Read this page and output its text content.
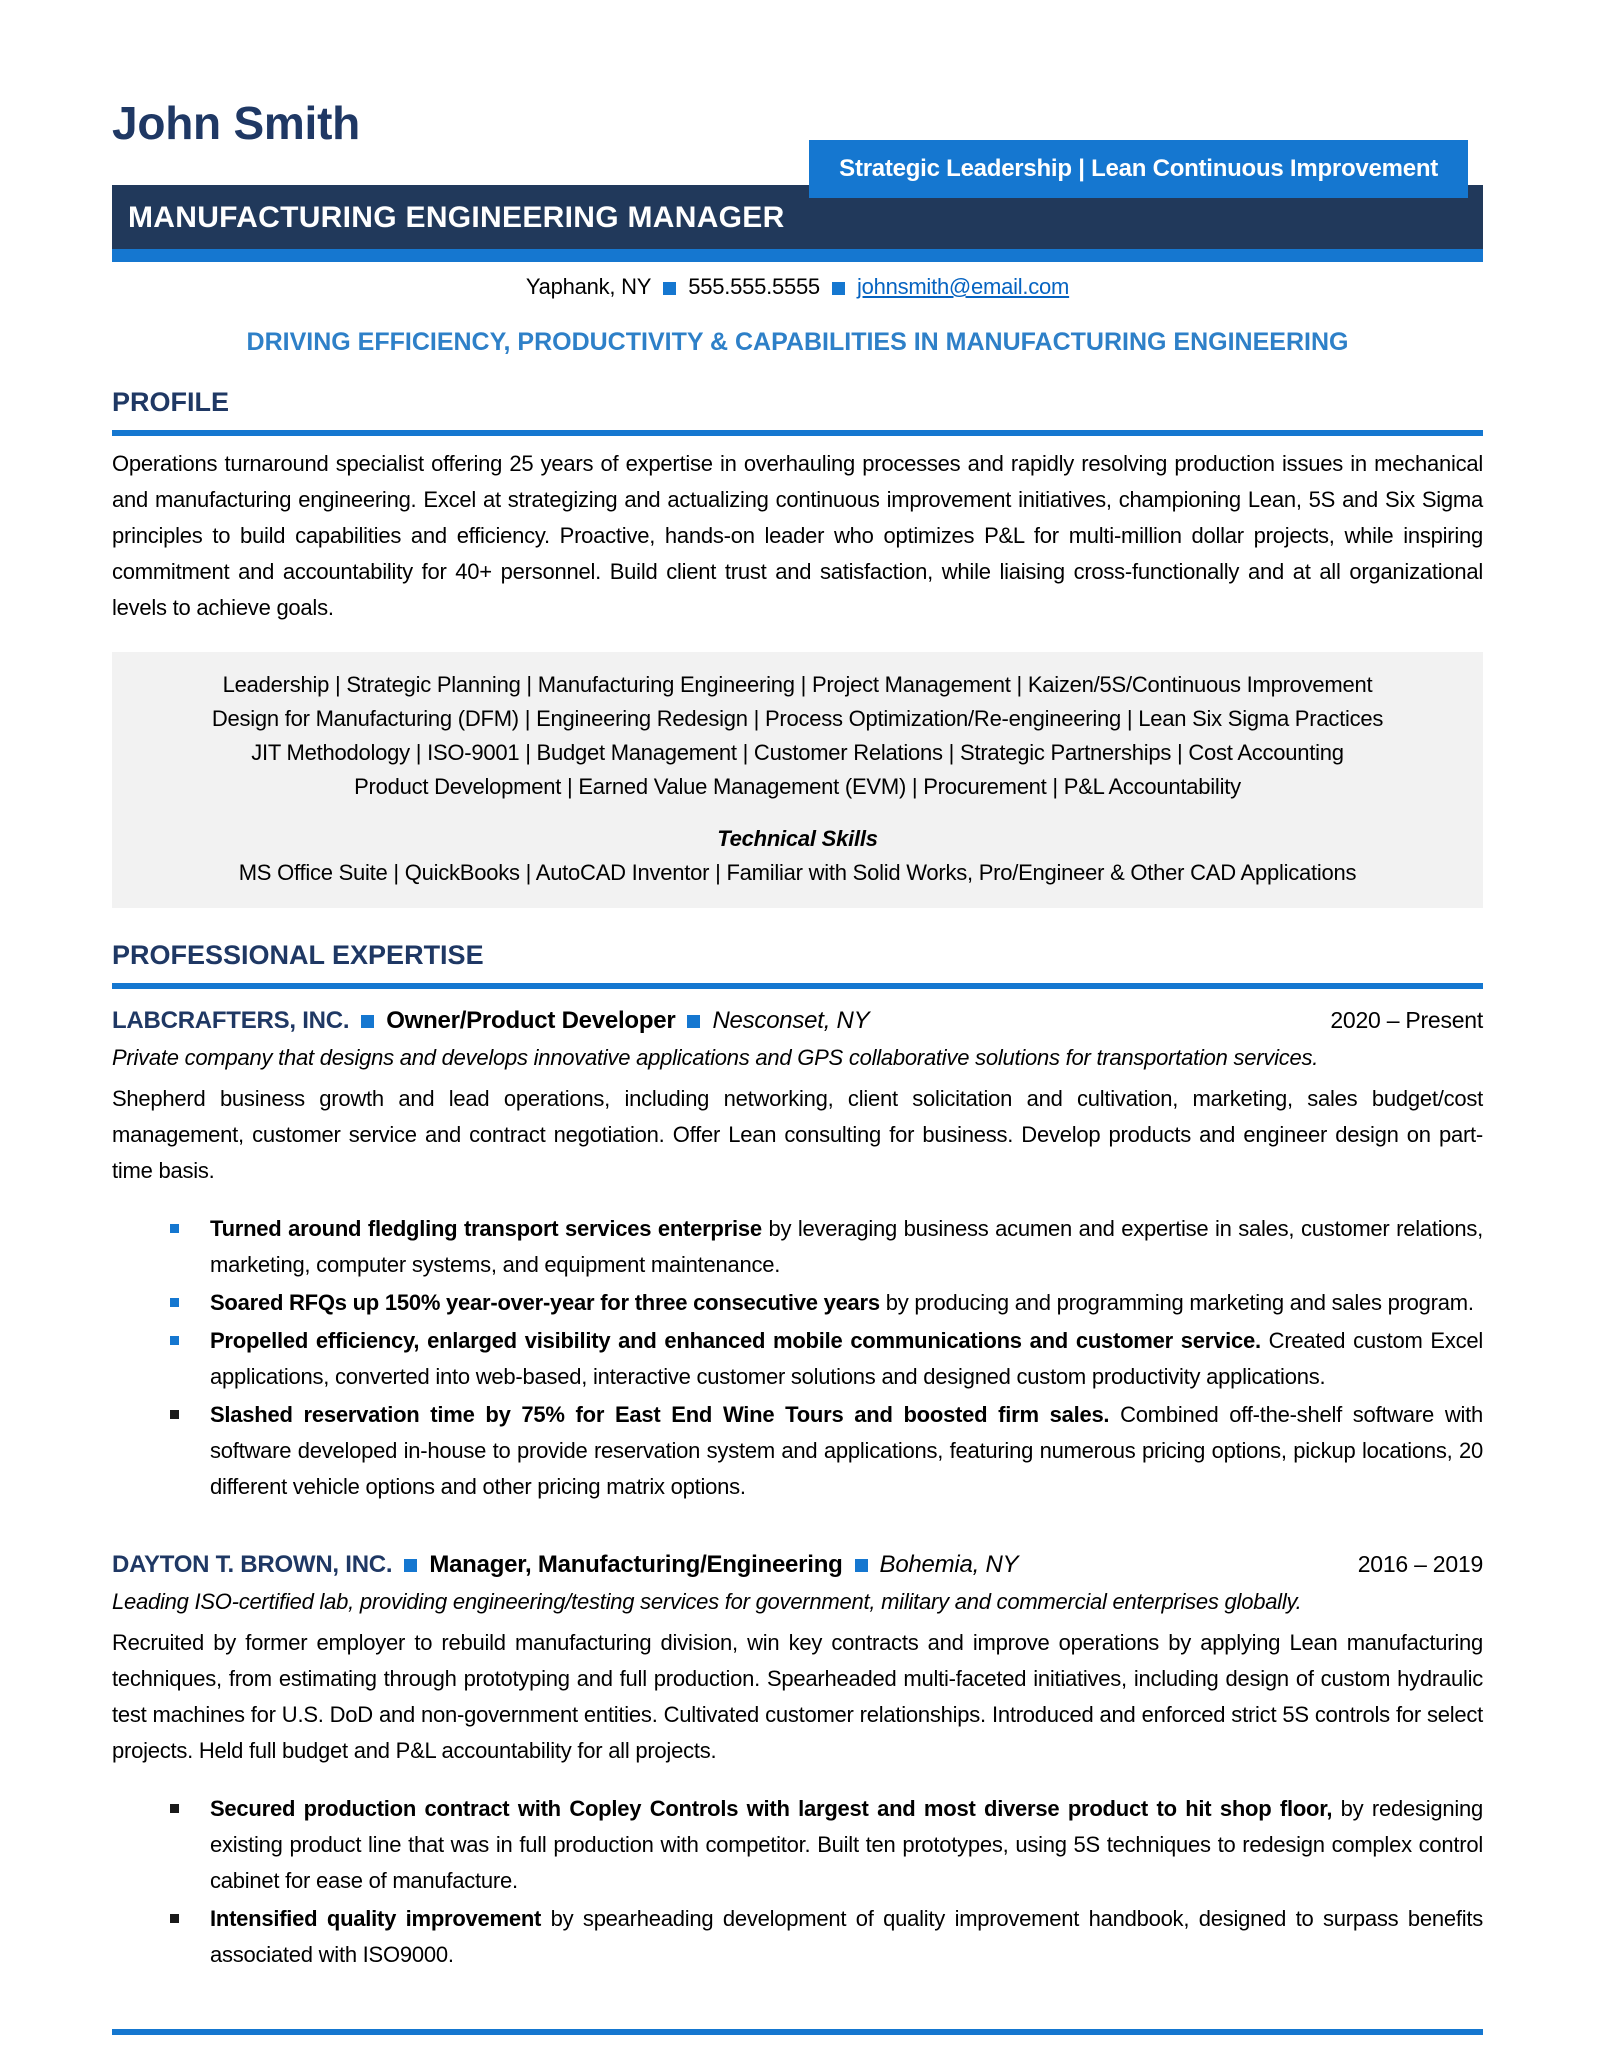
John Smith
Strategic Leadership | Lean Continuous Improvement
MANUFACTURING ENGINEERING MANAGER
Yaphank, NY 555.555.5555 johnsmith@email.com
DRIVING EFFICIENCY, PRODUCTIVITY & CAPABILITIES IN MANUFACTURING ENGINEERING
PROFILE

Operations turnaround specialist offering 25 years of expertise in overhauling processes and rapidly resolving production issues in mechanical and manufacturing engineering. Excel at strategizing and actualizing continuous improvement initiatives, championing Lean, 5S and Six Sigma principles to build capabilities and efficiency. Proactive, hands-on leader who optimizes P&L for multi-million dollar projects, while inspiring commitment and accountability for 40+ personnel. Build client trust and satisfaction, while liaising cross-functionally and at all organizational levels to achieve goals.

Leadership | Strategic Planning | Manufacturing Engineering | Project Management | Kaizen/5S/Continuous Improvement
Design for Manufacturing (DFM) | Engineering Redesign | Process Optimization/Re-engineering | Lean Six Sigma Practices
JIT Methodology | ISO-9001 | Budget Management | Customer Relations | Strategic Partnerships | Cost Accounting
Product Development | Earned Value Management (EVM) | Procurement | P&L Accountability
Technical Skills
MS Office Suite | QuickBooks | AutoCAD Inventor | Familiar with Solid Works, Pro/Engineer & Other CAD Applications
PROFESSIONAL EXPERTISE
LABCRAFTERS, INC. Owner/Product Developer Nesconset, NY	2020 – Present
Private company that designs and develops innovative applications and GPS collaborative solutions for transportation services.

Shepherd business growth and lead operations, including networking, client solicitation and cultivation, marketing, sales budget/cost management, customer service and contract negotiation. Offer Lean consulting for business. Develop products and engineer design on part-time basis.

Turned around fledgling transport services enterprise by leveraging business acumen and expertise in sales, customer relations, marketing, computer systems, and equipment maintenance.
Soared RFQs up 150% year-over-year for three consecutive years by producing and programming marketing and sales program.
Propelled efficiency, enlarged visibility and enhanced mobile communications and customer service. Created custom Excel applications, converted into web-based, interactive customer solutions and designed custom productivity applications.
Slashed reservation time by 75% for East End Wine Tours and boosted firm sales. Combined off-the-shelf software with software developed in-house to provide reservation system and applications, featuring numerous pricing options, pickup locations, 20 different vehicle options and other pricing matrix options.
DAYTON T. BROWN, INC. Manager, Manufacturing/Engineering Bohemia, NY	2016 – 2019
Leading ISO-certified lab, providing engineering/testing services for government, military and commercial enterprises globally.

Recruited by former employer to rebuild manufacturing division, win key contracts and improve operations by applying Lean manufacturing techniques, from estimating through prototyping and full production. Spearheaded multi-faceted initiatives, including design of custom hydraulic test machines for U.S. DoD and non-government entities. Cultivated customer relationships. Introduced and enforced strict 5S controls for select projects. Held full budget and P&L accountability for all projects.

Secured production contract with Copley Controls with largest and most diverse product to hit shop floor, by redesigning existing product line that was in full production with competitor. Built ten prototypes, using 5S techniques to redesign complex control cabinet for ease of manufacture.
Intensified quality improvement by spearheading development of quality improvement handbook, designed to surpass benefits associated with ISO9000.
